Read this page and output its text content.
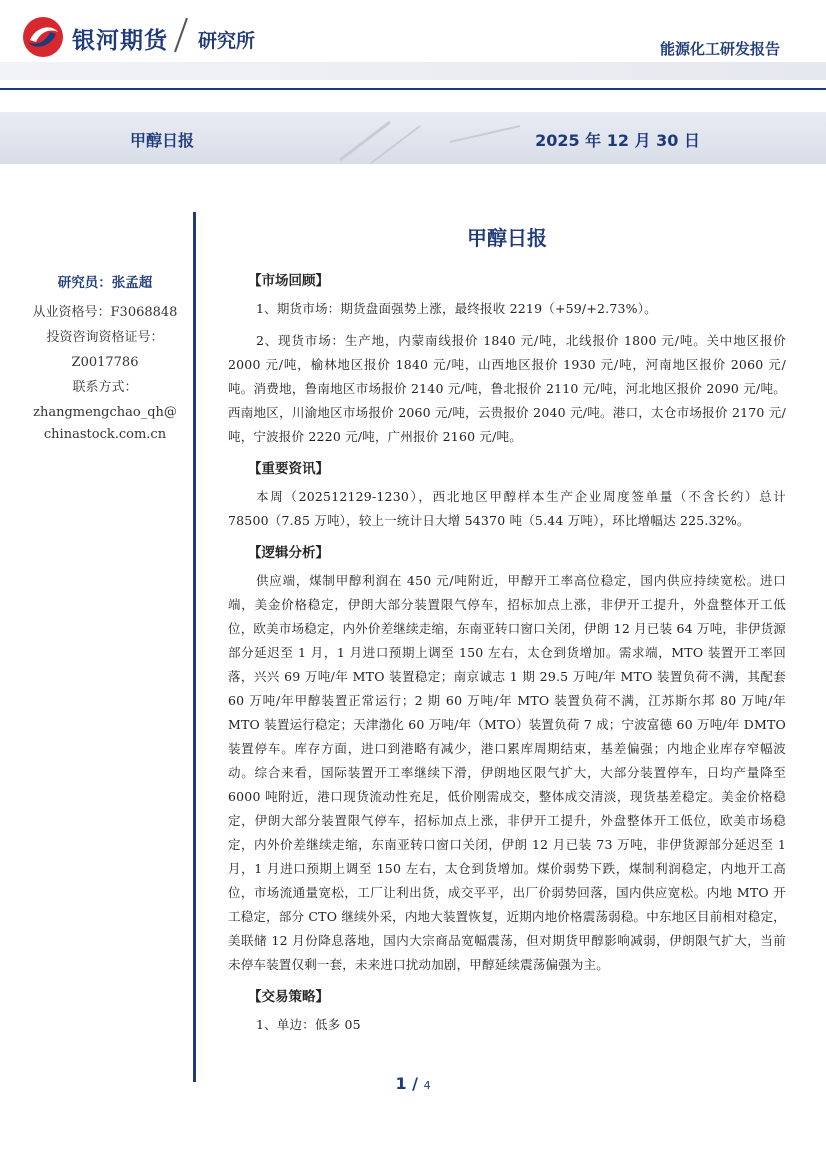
银河期货 研究所	能源化工研发报告
甲醇日报	2025 年 12 月 30 日
研究员：张孟超
从业资格号：F3068848
投资咨询资格证号：
Z0017786
联系方式：
zhangmengchao_qh@
chinastock.com.cn
甲醇日报
【市场回顾】

1、期货市场：期货盘面强势上涨，最终报收 2219（+59/+2.73%）。

2、现货市场：生产地，内蒙南线报价 1840 元/吨，北线报价 1800 元/吨。关中地区报价 2000 元/吨，榆林地区报价 1840 元/吨，山西地区报价 1930 元/吨，河南地区报价 2060 元/吨。消费地，鲁南地区市场报价 2140 元/吨，鲁北报价 2110 元/吨，河北地区报价 2090 元/吨。 西南地区，川渝地区市场报价 2060 元/吨，云贵报价 2040 元/吨。港口，太仓市场报价 2170 元/吨，宁波报价 2220 元/吨，广州报价 2160 元/吨。

【重要资讯】

本周（202512129-1230），西北地区甲醇样本生产企业周度签单量（不含长约）总计 78500（7.85 万吨），较上一统计日大增 54370 吨（5.44 万吨），环比增幅达 225.32%。

【逻辑分析】

供应端，煤制甲醇利润在 450 元/吨附近，甲醇开工率高位稳定，国内供应持续宽松。进口端，美金价格稳定，伊朗大部分装置限气停车，招标加点上涨，非伊开工提升，外盘整体开工低位，欧美市场稳定，内外价差继续走缩，东南亚转口窗口关闭，伊朗 12 月已装 64 万吨，非伊货源部分延迟至 1 月，1 月进口预期上调至 150 左右，太仓到货增加。需求端，MTO 装置开工率回落，兴兴 69 万吨/年 MTO 装置稳定；南京诚志 1 期 29.5 万吨/年 MTO 装置负荷不满，其配套 60 万吨/年甲醇装置正常运行；2 期 60 万吨/年 MTO 装置负荷不满，江苏斯尔邦 80 万吨/年 MTO 装置运行稳定；天津渤化 60 万吨/年（MTO）装置负荷 7 成；宁波富德 60 万吨/年 DMTO 装置停车。库存方面，进口到港略有减少，港口累库周期结束，基差偏强；内地企业库存窄幅波动。综合来看，国际装置开工率继续下滑，伊朗地区限气扩大，大部分装置停车，日均产量降至 6000 吨附近，港口现货流动性充足，低价刚需成交，整体成交清淡，现货基差稳定。美金价格稳定，伊朗大部分装置限气停车，招标加点上涨，非伊开工提升，外盘整体开工低位，欧美市场稳定，内外价差继续走缩，东南亚转口窗口关闭，伊朗 12 月已装 73 万吨，非伊货源部分延迟至 1 月，1 月进口预期上调至 150 左右，太仓到货增加。煤价弱势下跌，煤制利润稳定，内地开工高位，市场流通量宽松，工厂让利出货，成交平平，出厂价弱势回落，国内供应宽松。内地 MTO 开工稳定，部分 CTO 继续外采，内地大装置恢复，近期内地价格震荡弱稳。中东地区目前相对稳定，美联储 12 月份降息落地，国内大宗商品宽幅震荡，但对期货甲醇影响减弱，伊朗限气扩大，当前未停车装置仅剩一套，未来进口扰动加剧，甲醇延续震荡偏强为主。

【交易策略】

1、单边：低多 05

1 / 4
